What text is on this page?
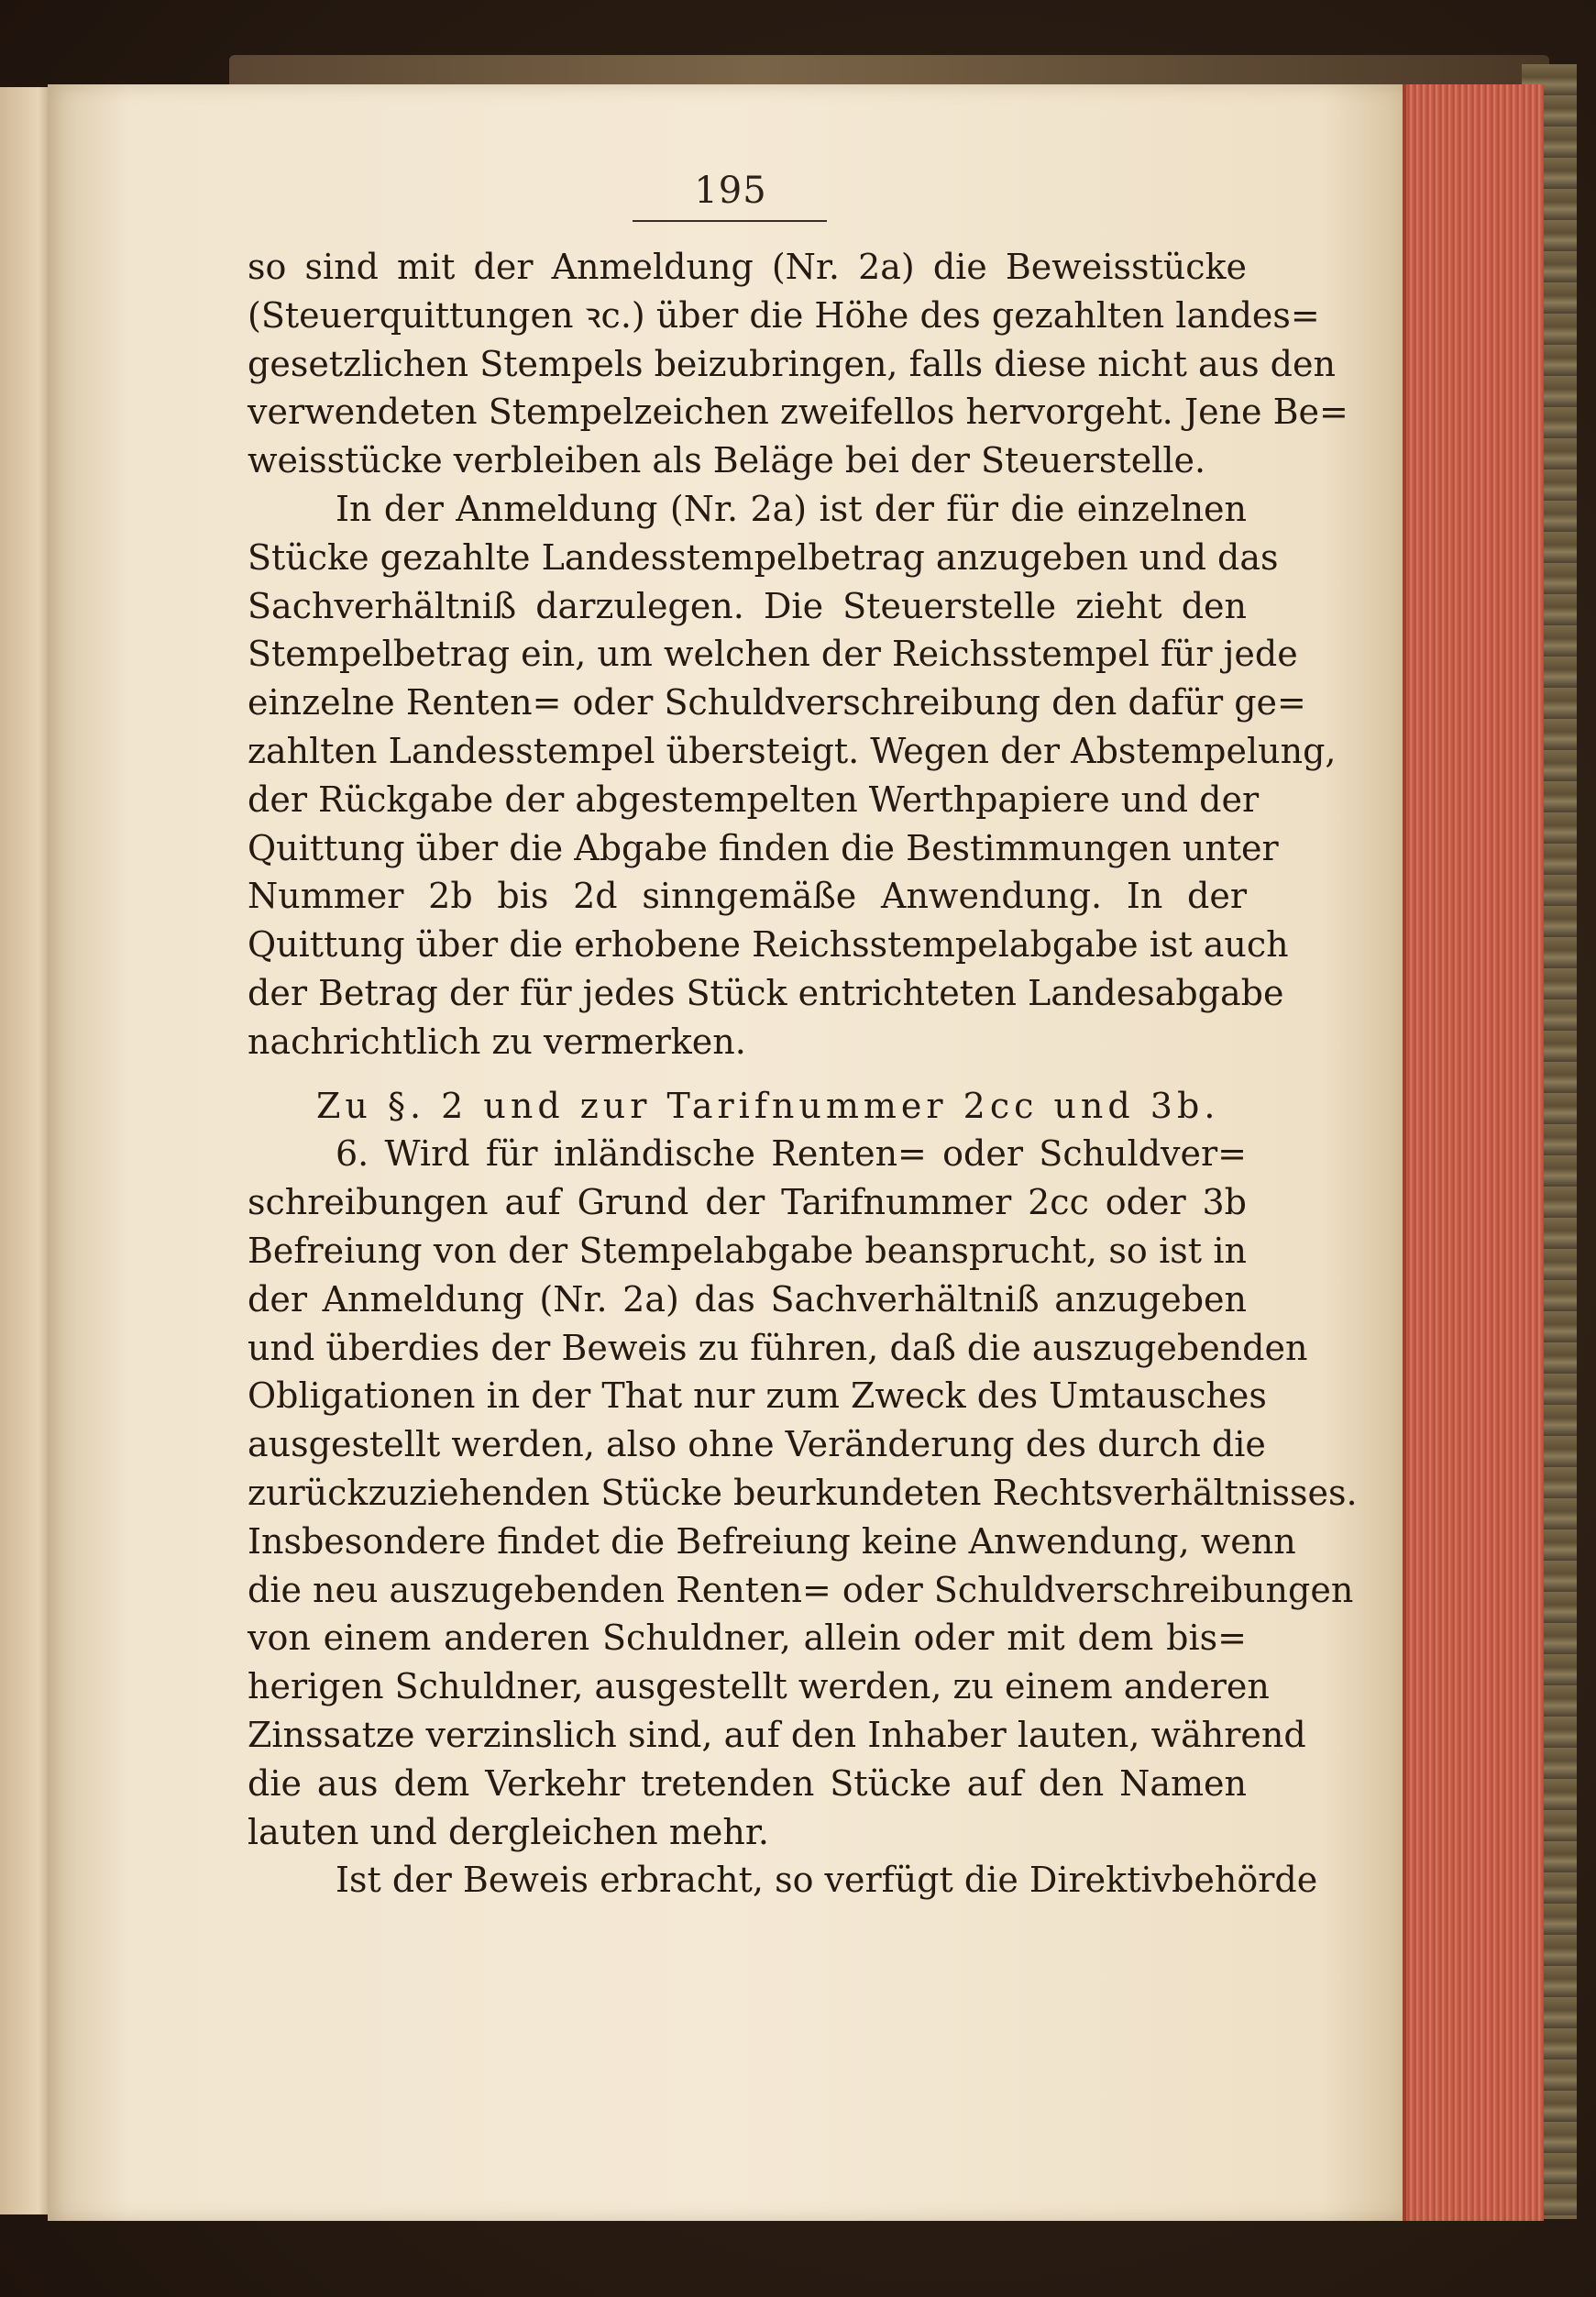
195
so sind mit der Anmeldung (Nr. 2a) die Beweisstücke
(Steuerquittungen ꝛc.) über die Höhe des gezahlten landes=
gesetzlichen Stempels beizubringen, falls diese nicht aus den
verwendeten Stempelzeichen zweifellos hervorgeht. Jene Be=
weisstücke verbleiben als Beläge bei der Steuerstelle.
In der Anmeldung (Nr. 2a) ist der für die einzelnen
Stücke gezahlte Landesstempelbetrag anzugeben und das
Sachverhältniß darzulegen. Die Steuerstelle zieht den
Stempelbetrag ein, um welchen der Reichsstempel für jede
einzelne Renten= oder Schuldverschreibung den dafür ge=
zahlten Landesstempel übersteigt. Wegen der Abstempelung,
der Rückgabe der abgestempelten Werthpapiere und der
Quittung über die Abgabe finden die Bestimmungen unter
Nummer 2b bis 2d sinngemäße Anwendung. In der
Quittung über die erhobene Reichsstempelabgabe ist auch
der Betrag der für jedes Stück entrichteten Landesabgabe
nachrichtlich zu vermerken.
Zu §. 2 und zur Tarifnummer 2cc und 3b.
6. Wird für inländische Renten= oder Schuldver=
schreibungen auf Grund der Tarifnummer 2cc oder 3b
Befreiung von der Stempelabgabe beansprucht, so ist in
der Anmeldung (Nr. 2a) das Sachverhältniß anzugeben
und überdies der Beweis zu führen, daß die auszugebenden
Obligationen in der That nur zum Zweck des Umtausches
ausgestellt werden, also ohne Veränderung des durch die
zurückzuziehenden Stücke beurkundeten Rechtsverhältnisses.
Insbesondere findet die Befreiung keine Anwendung, wenn
die neu auszugebenden Renten= oder Schuldverschreibungen
von einem anderen Schuldner, allein oder mit dem bis=
herigen Schuldner, ausgestellt werden, zu einem anderen
Zinssatze verzinslich sind, auf den Inhaber lauten, während
die aus dem Verkehr tretenden Stücke auf den Namen
lauten und dergleichen mehr.
Ist der Beweis erbracht, so verfügt die Direktivbehörde
